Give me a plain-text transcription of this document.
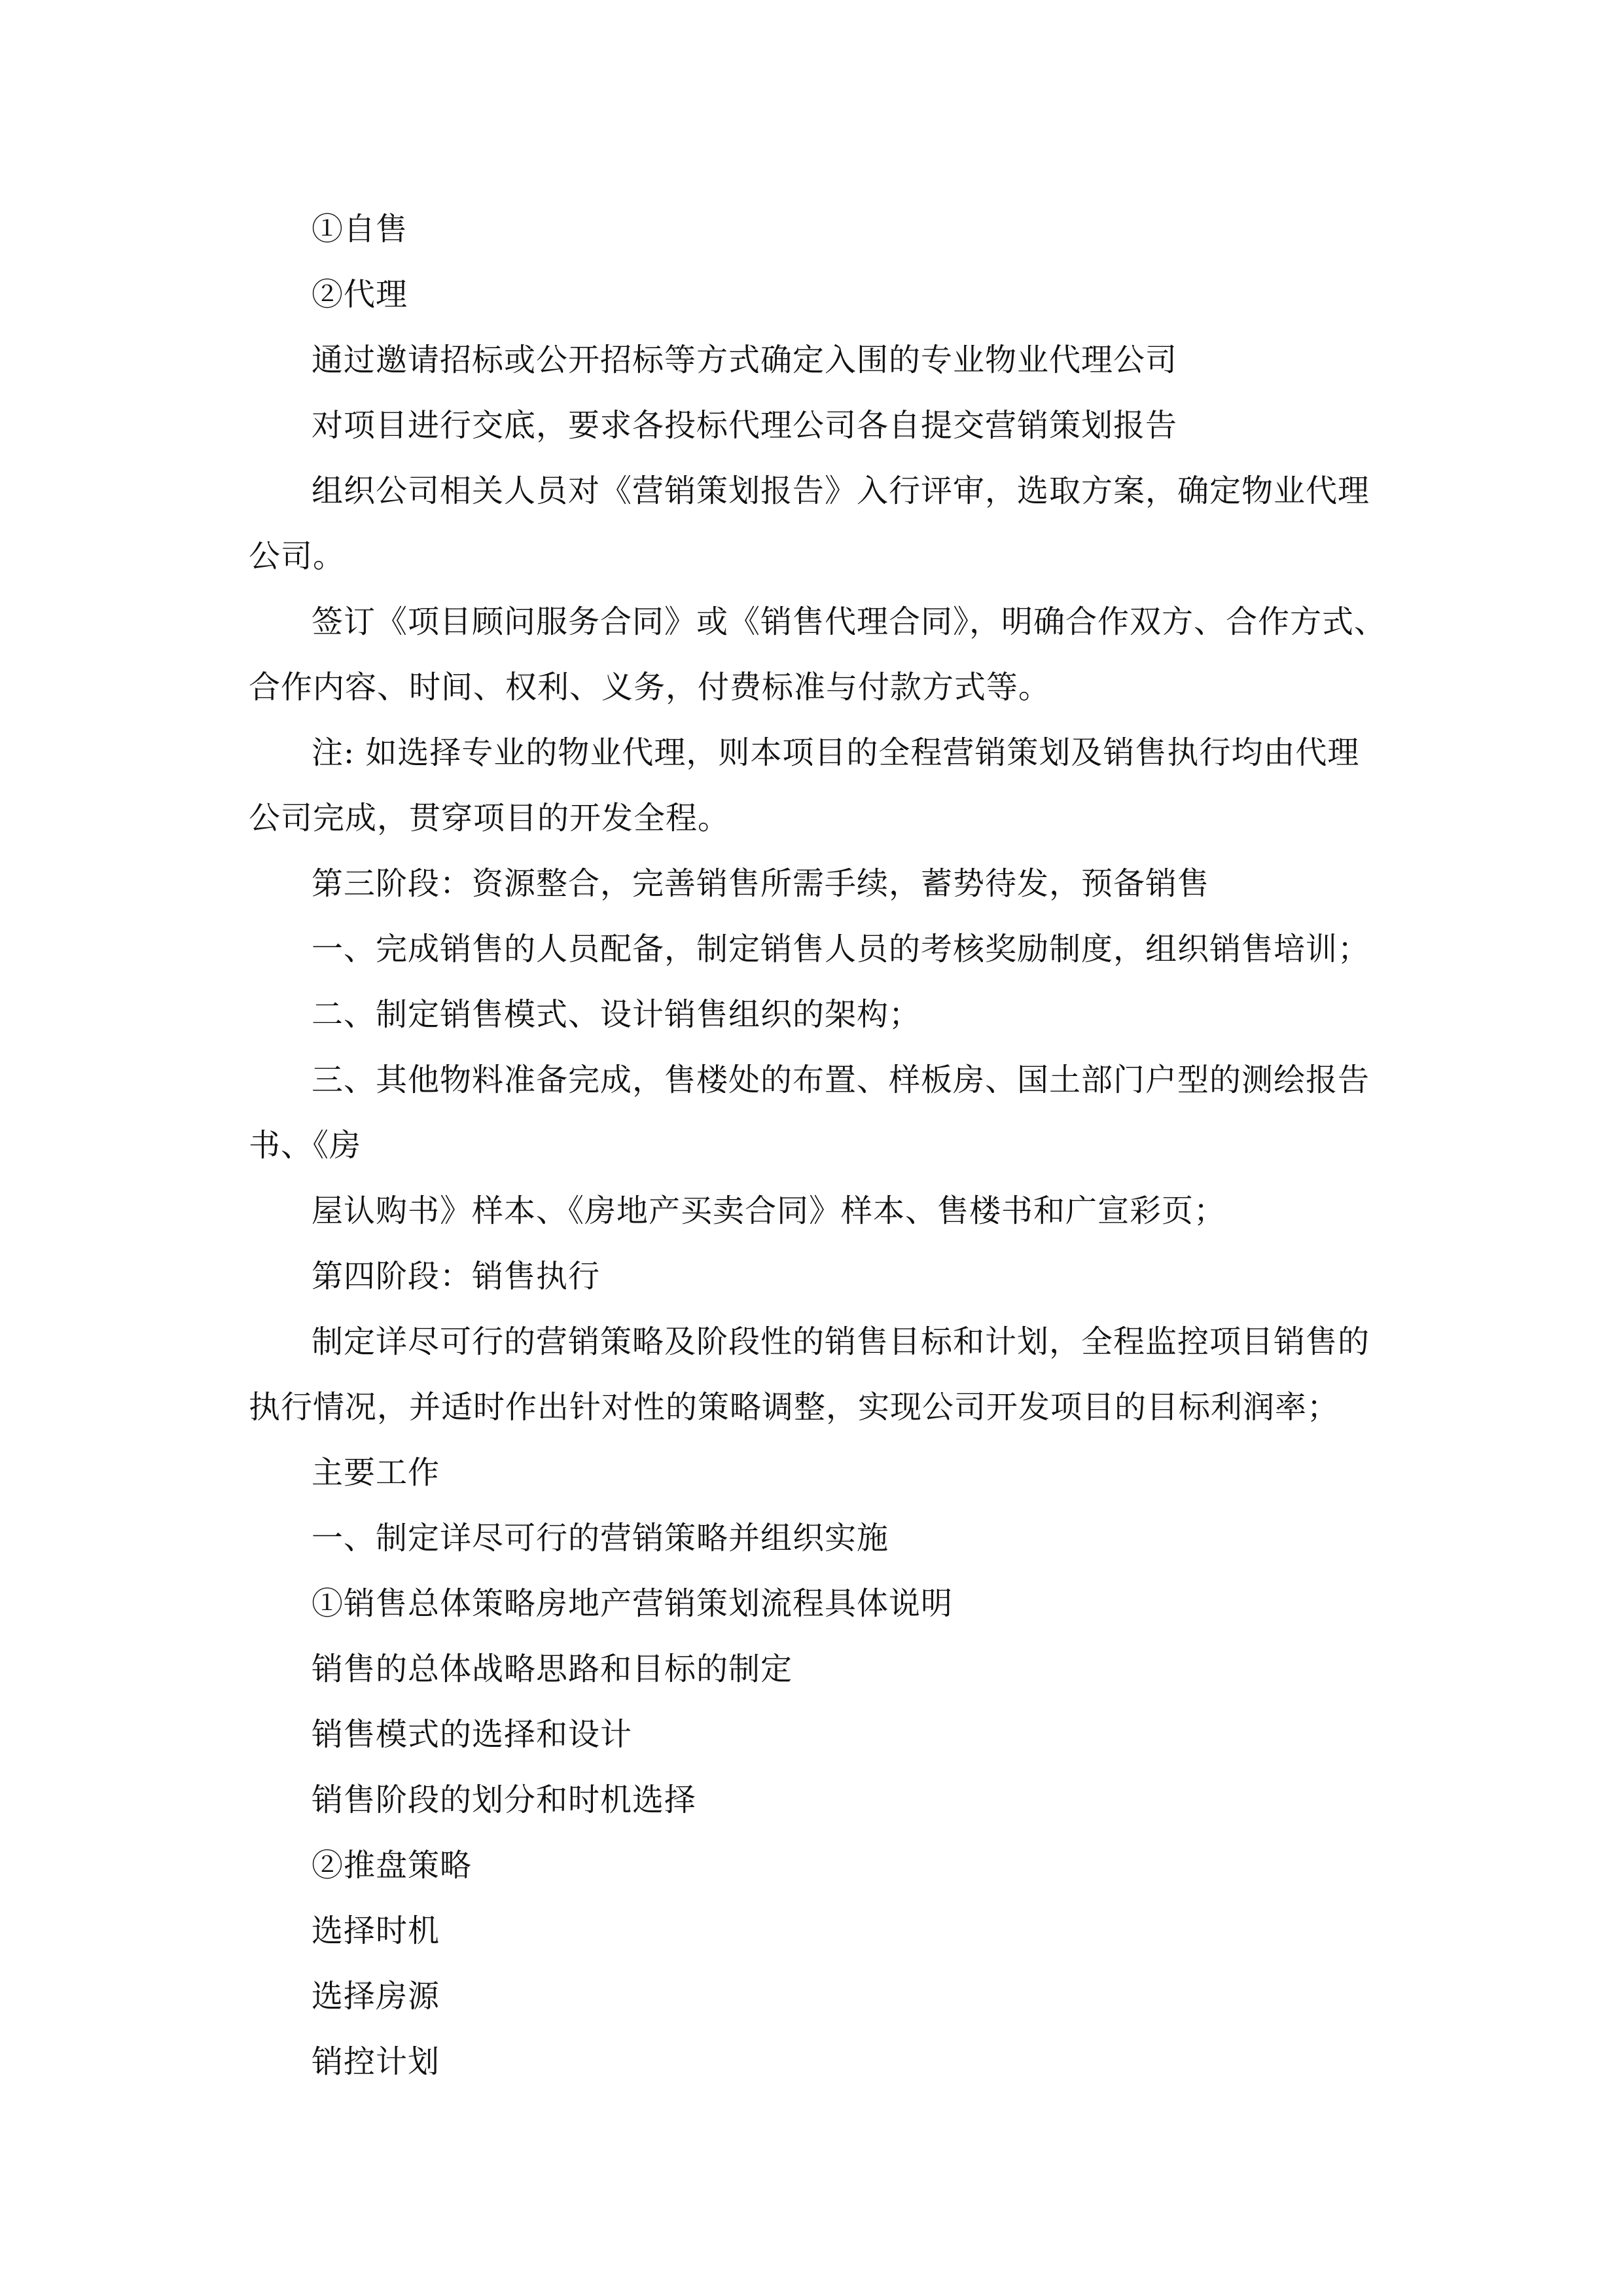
①自售

②代理

通过邀请招标或公开招标等方式确定入围的专业物业代理公司

对项目进行交底，要求各投标代理公司各自提交营销策划报告

组织公司相关人员对《营销策划报告》入行评审，选取方案，确定物业代理公司。

签订《项目顾问服务合同》或《销售代理合同》，明确合作双方、合作方式、合作内容、时间、权利、义务，付费标准与付款方式等。

注: 如选择专业的物业代理，则本项目的全程营销策划及销售执行均由代理公司完成，贯穿项目的开发全程。

第三阶段：资源整合，完善销售所需手续，蓄势待发，预备销售

一、完成销售的人员配备，制定销售人员的考核奖励制度，组织销售培训；

二、制定销售模式、设计销售组织的架构；

三、其他物料准备完成，售楼处的布置、样板房、国土部门户型的测绘报告书、《房

屋认购书》样本、《房地产买卖合同》样本、售楼书和广宣彩页；

第四阶段：销售执行

制定详尽可行的营销策略及阶段性的销售目标和计划，全程监控项目销售的执行情况，并适时作出针对性的策略调整，实现公司开发项目的目标利润率；

主要工作

一、制定详尽可行的营销策略并组织实施

①销售总体策略房地产营销策划流程具体说明

销售的总体战略思路和目标的制定

销售模式的选择和设计

销售阶段的划分和时机选择

②推盘策略

选择时机

选择房源

销控计划
